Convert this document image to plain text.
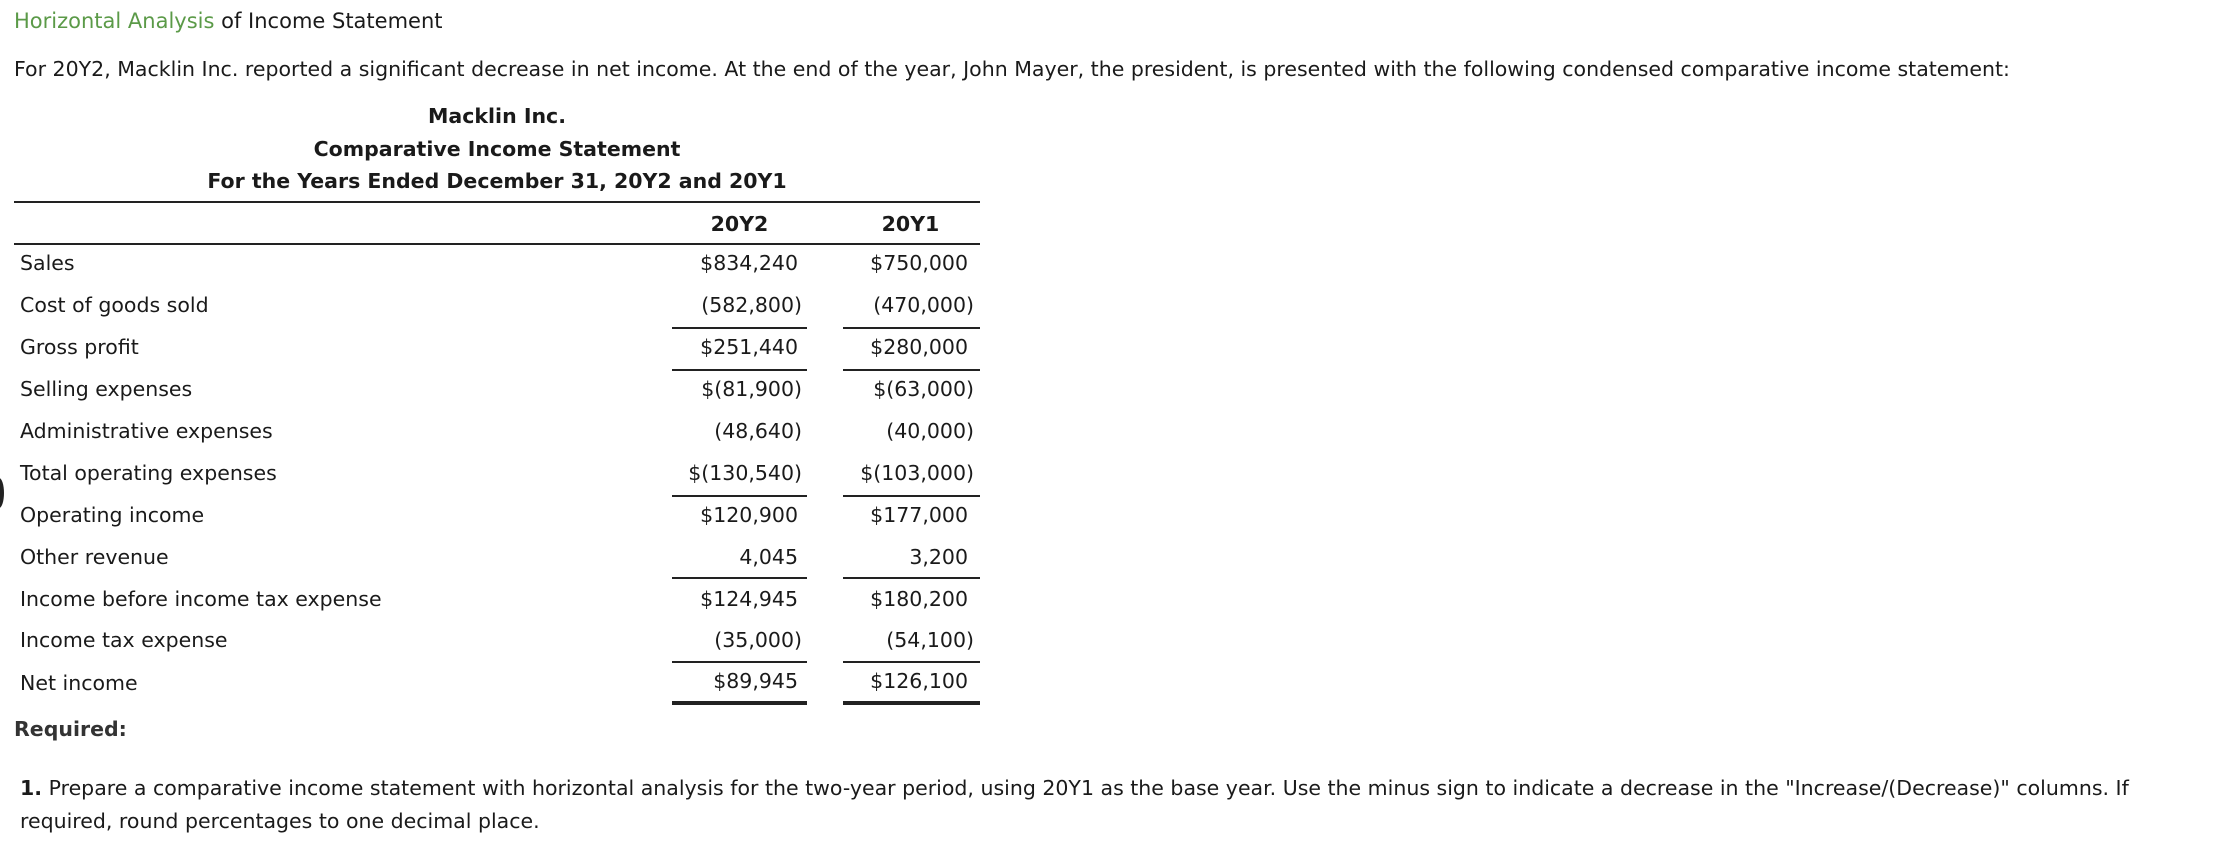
Horizontal Analysis of Income Statement
For 20Y2, Macklin Inc. reported a significant decrease in net income. At the end of the year, John Mayer, the president, is presented with the following condensed comparative income statement:
Macklin Inc.
Comparative Income Statement
For the Years Ended December 31, 20Y2 and 20Y1
20Y2	20Y1
Sales	$834,240	$750,000
Cost of goods sold	(582,800)	(470,000)
Gross profit	$251,440	$280,000
Selling expenses	$(81,900)	$(63,000)
Administrative expenses	(48,640)	(40,000)
Total operating expenses	$(130,540)	$(103,000)
Operating income	$120,900	$177,000
Other revenue	4,045	3,200
Income before income tax expense	$124,945	$180,200
Income tax expense	(35,000)	(54,100)
Net income	$89,945	$126,100
Required:
1. Prepare a comparative income statement with horizontal analysis for the two-year period, using 20Y1 as the base year. Use the minus sign to indicate a decrease in the "Increase/(Decrease)" columns. If required, round percentages to one decimal place.
